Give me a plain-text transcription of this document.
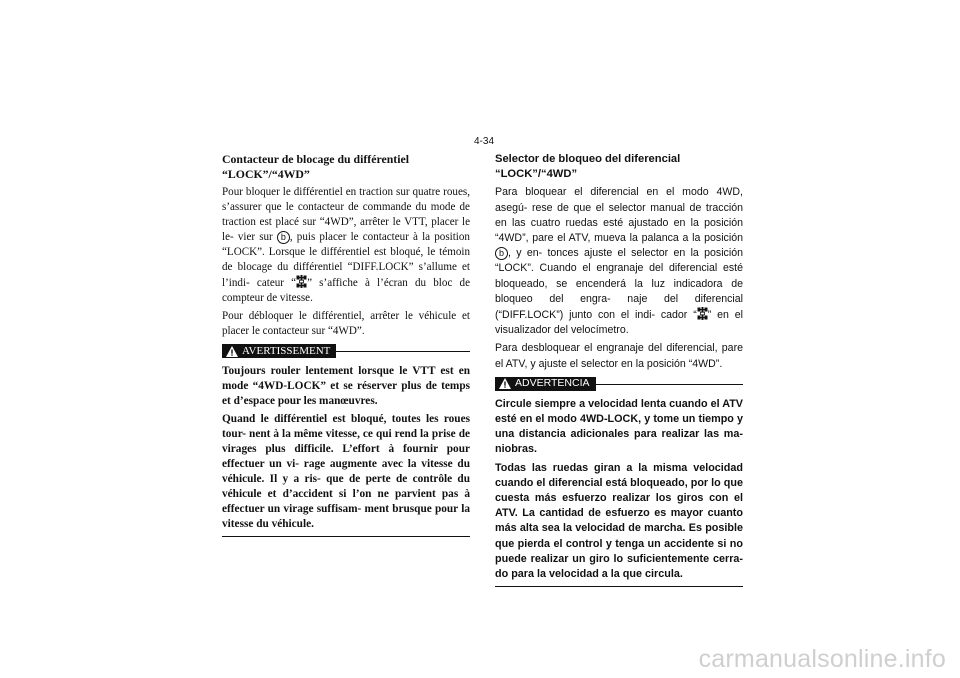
4-34
Contacteur de blocage du différentiel “LOCK”/“4WD”

Pour bloquer le différentiel en traction sur quatre roues, s’assurer que le contacteur de commande du mode de traction est placé sur “4WD”, arrêter le VTT, placer le le- vier sur b , puis placer le contacteur à la position “LOCK”. Lorsque le différentiel est bloqué, le témoin de blocage du différentiel “DIFF.LOCK” s’allume et l’indi- cateur “ ” s’affiche à l’écran du bloc de compteur de vitesse.

Pour débloquer le différentiel, arrêter le véhicule et placer le contacteur sur “4WD”.

AVERTISSEMENT

Toujours rouler lentement lorsque le VTT est en mode “4WD-LOCK” et se réserver plus de temps et d’espace pour les manœuvres.

Quand le différentiel est bloqué, toutes les roues tour- nent à la même vitesse, ce qui rend la prise de virages plus difficile. L’effort à fournir pour effectuer un vi- rage augmente avec la vitesse du véhicule. Il y a ris- que de perte de contrôle du véhicule et d’accident si l’on ne parvient pas à effectuer un virage suffisam- ment brusque pour la vitesse du véhicule.

Selector de bloqueo del diferencial “LOCK”/“4WD”

Para bloquear el diferencial en el modo 4WD, asegú- rese de que el selector manual de tracción en las cuatro ruedas esté ajustado en la posición “4WD”, pare el ATV, mueva la palanca a la posición b , y en- tonces ajuste el selector en la posición “LOCK”. Cuando el engranaje del diferencial esté bloqueado, se encenderá la luz indicadora de bloqueo del engra- naje del diferencial (“DIFF.LOCK”) junto con el indi- cador “ ” en el visualizador del velocímetro.

Para desbloquear el engranaje del diferencial, pare el ATV, y ajuste el selector en la posición “4WD”.

ADVERTENCIA

Circule siempre a velocidad lenta cuando el ATV esté en el modo 4WD-LOCK, y tome un tiempo y una distancia adicionales para realizar las ma- niobras.

Todas las ruedas giran a la misma velocidad cuando el diferencial está bloqueado, por lo que cuesta más esfuerzo realizar los giros con el ATV. La cantidad de esfuerzo es mayor cuanto más alta sea la velocidad de marcha. Es posible que pierda el control y tenga un accidente si no puede realizar un giro lo suficientemente cerra- do para la velocidad a la que circula.

carmanualsonline.info
